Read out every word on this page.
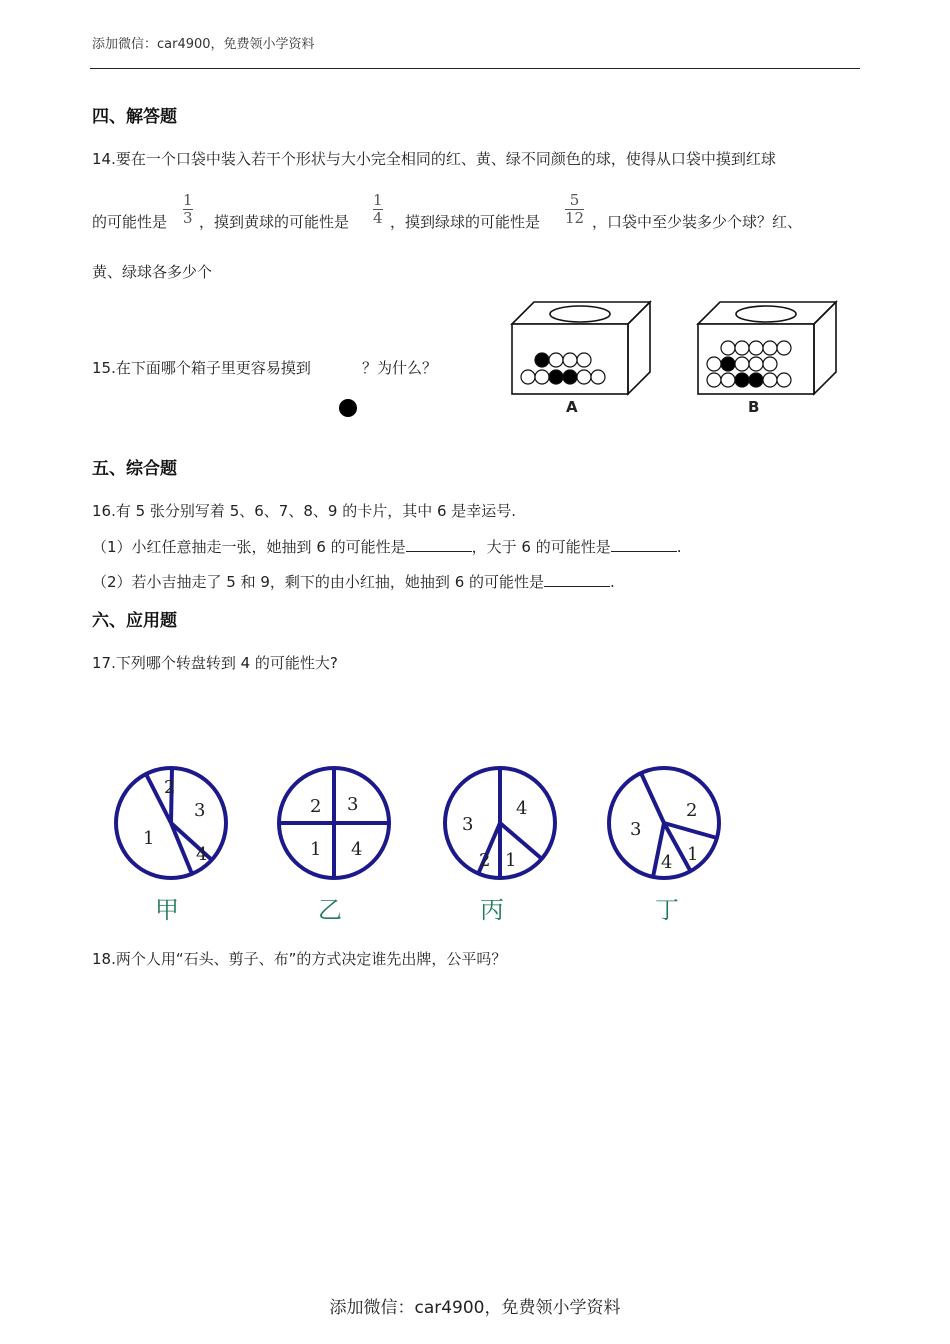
添加微信：car4900，免费领小学资料
四、解答题
14.要在一个口袋中装入若干个形状与大小完全相同的红、黄、绿不同颜色的球，使得从口袋中摸到红球
的可能性是
1
3 ，摸到黄球的可能性是
1
4 ，摸到绿球的可能性是
5
12 ，口袋中至少装多少个球？红、
黄、绿球各多少个
15.在下面哪个箱子里更容易摸到	？为什么？
A	B
五、综合题
16.有 5 张分别写着 5、6、7、8、9 的卡片，其中 6 是幸运号.
（1）小红任意抽走一张，她抽到 6 的可能性是	，大于 6 的可能性是	.
（2）若小吉抽走了 5 和 9，剩下的由小红抽，她抽到 6 的可能性是	.
六、应用题
17.下列哪个转盘转到 4 的可能性大?
2
3
1
4
甲
2 3
1 4
乙
3
4
2 1
丙
3
2
4 1
丁
18.两个人用“石头、剪子、布”的方式决定谁先出牌，公平吗？
添加微信：car4900，免费领小学资料
